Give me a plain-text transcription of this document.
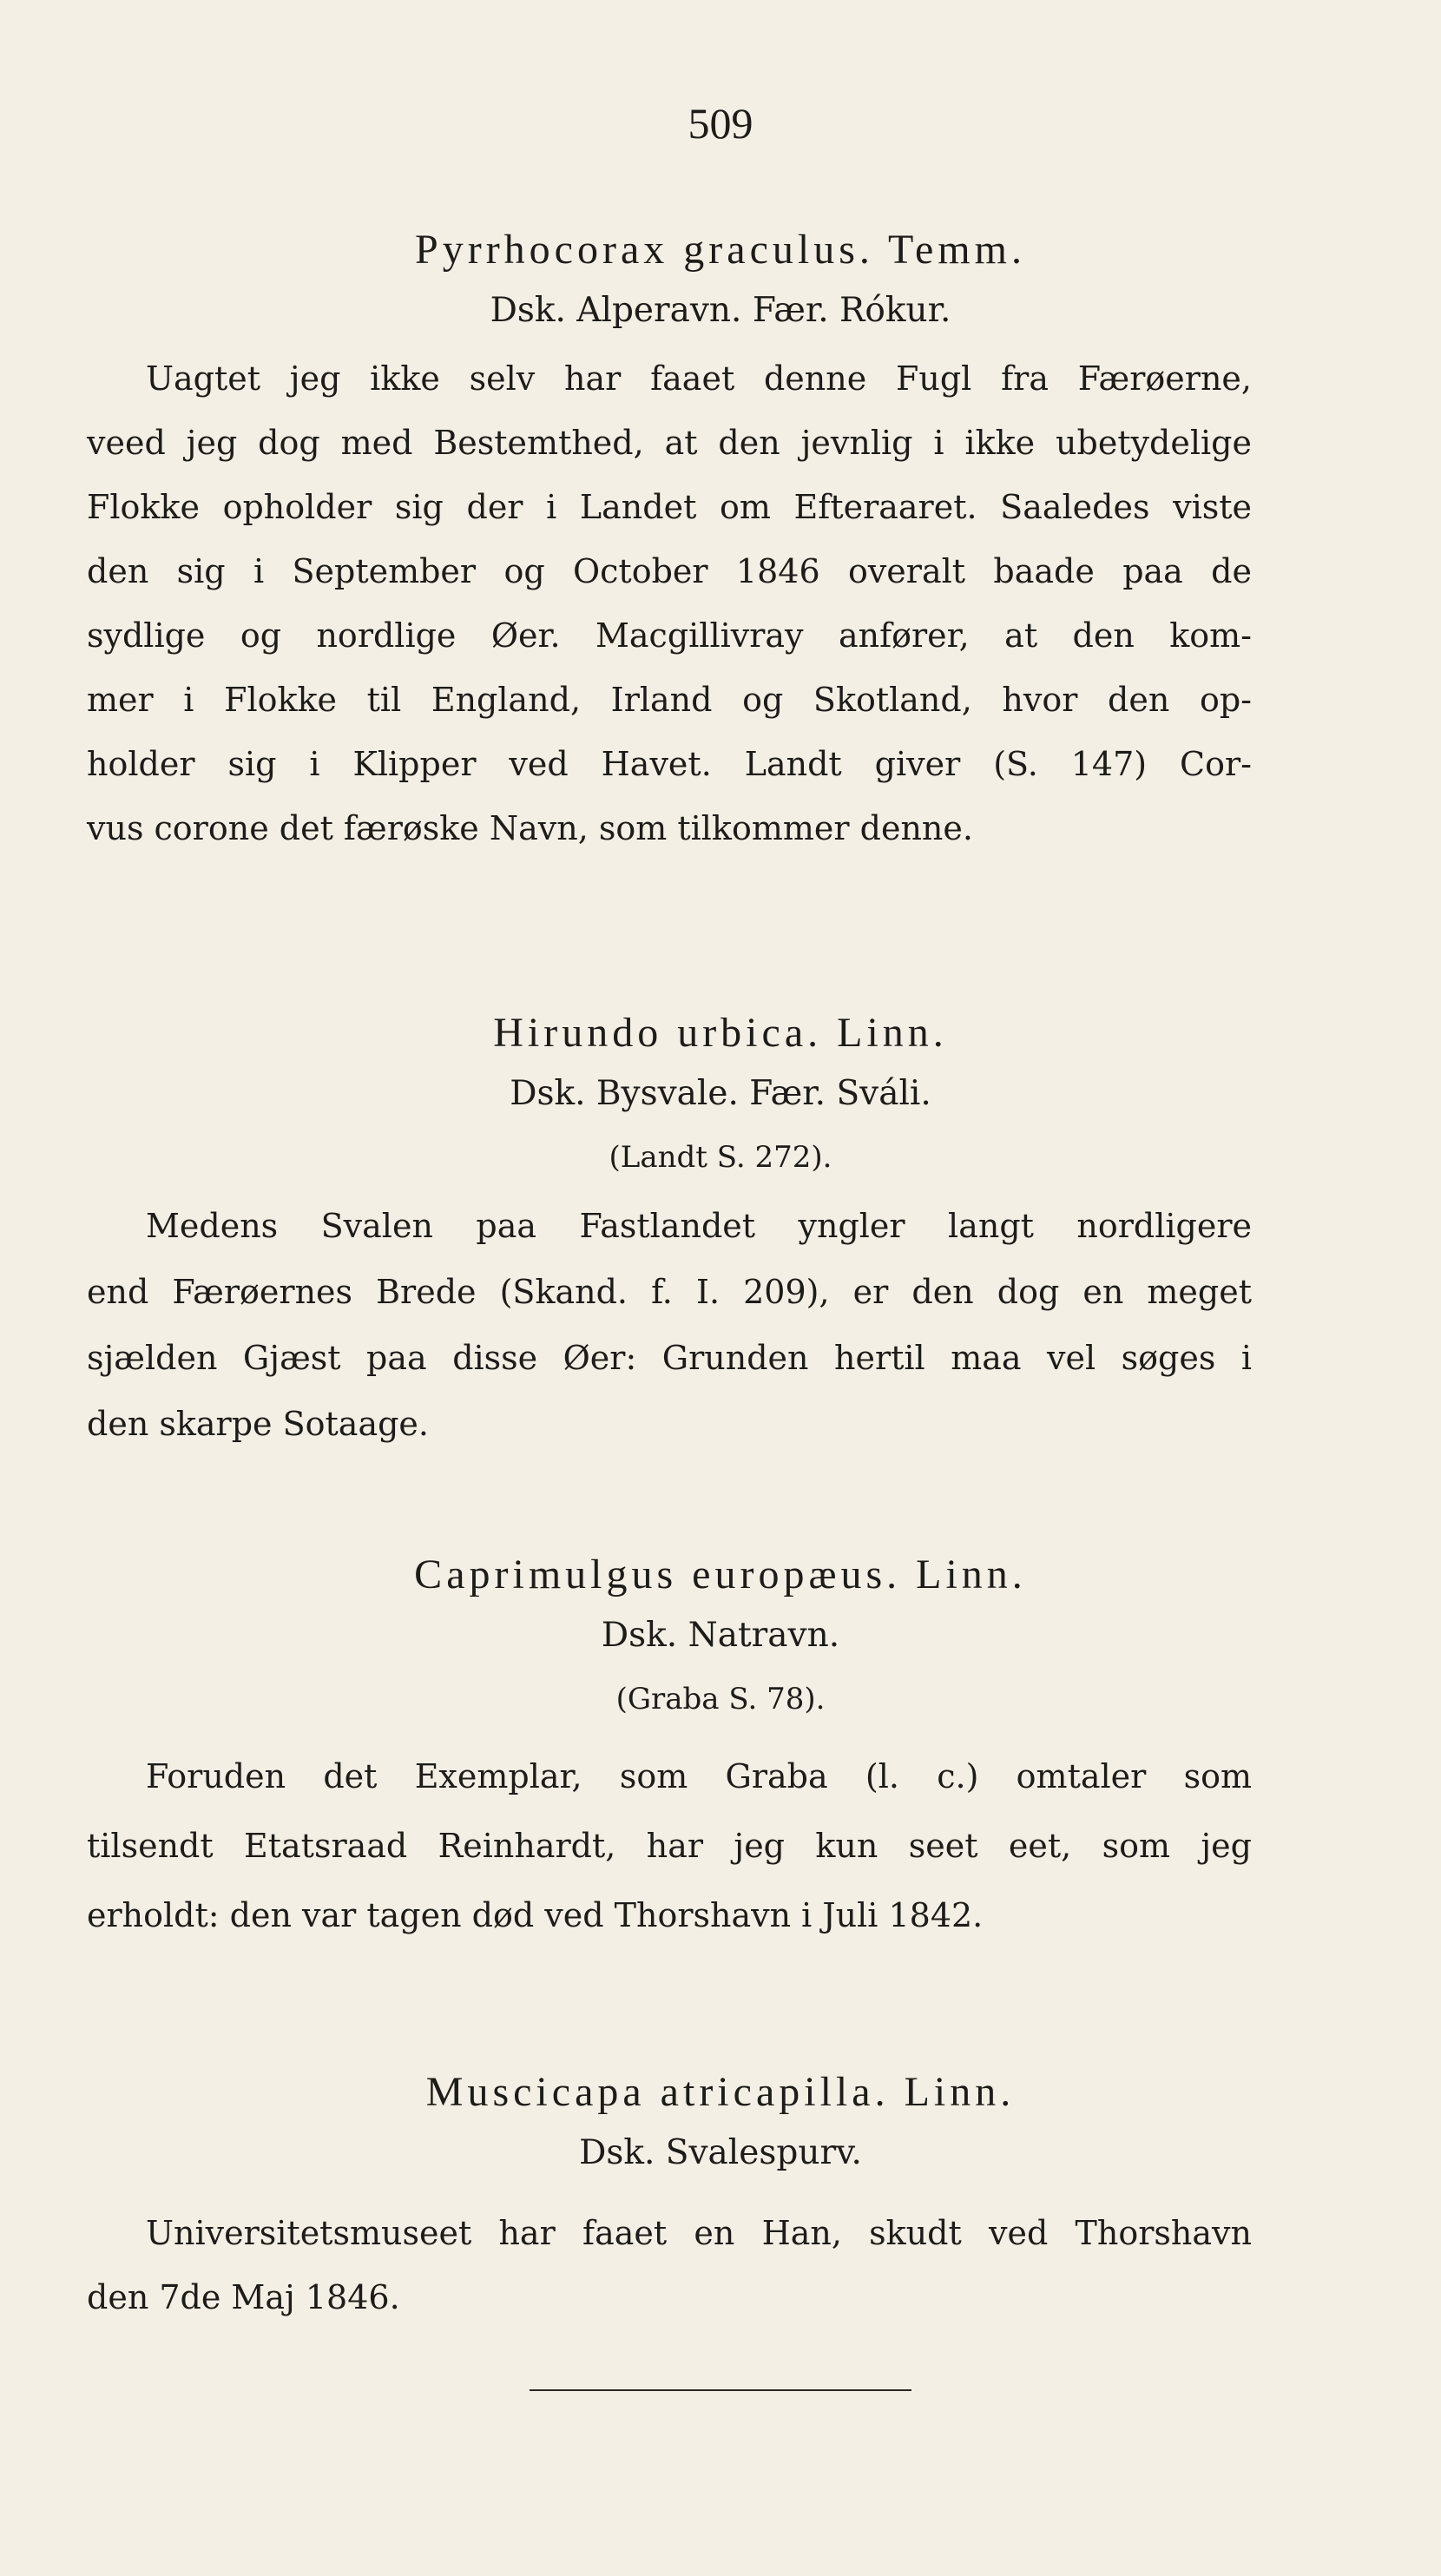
509
Pyrrhocorax graculus. Temm.
Dsk. Alperavn. Fær. Rókur.
Uagtet jeg ikke selv har faaet denne Fugl fra Færøerne,
veed jeg dog med Bestemthed, at den jevnlig i ikke ubetydelige
Flokke opholder sig der i Landet om Efteraaret. Saaledes viste
den sig i September og October 1846 overalt baade paa de
sydlige og nordlige Øer. Macgillivray anfører, at den kom-
mer i Flokke til England, Irland og Skotland, hvor den op-
holder sig i Klipper ved Havet. Landt giver (S. 147) Cor-
vus corone det færøske Navn, som tilkommer denne.
Hirundo urbica. Linn.
Dsk. Bysvale. Fær. Sváli.
(Landt S. 272).
Medens Svalen paa Fastlandet yngler langt nordligere
end Færøernes Brede (Skand. f. I. 209), er den dog en meget
sjælden Gjæst paa disse Øer: Grunden hertil maa vel søges i
den skarpe Sotaage.
Caprimulgus europæus. Linn.
Dsk. Natravn.
(Graba S. 78).
Foruden det Exemplar, som Graba (l. c.) omtaler som
tilsendt Etatsraad Reinhardt, har jeg kun seet eet, som jeg
erholdt: den var tagen død ved Thorshavn i Juli 1842.
Muscicapa atricapilla. Linn.
Dsk. Svalespurv.
Universitetsmuseet har faaet en Han, skudt ved Thorshavn
den 7de Maj 1846.
